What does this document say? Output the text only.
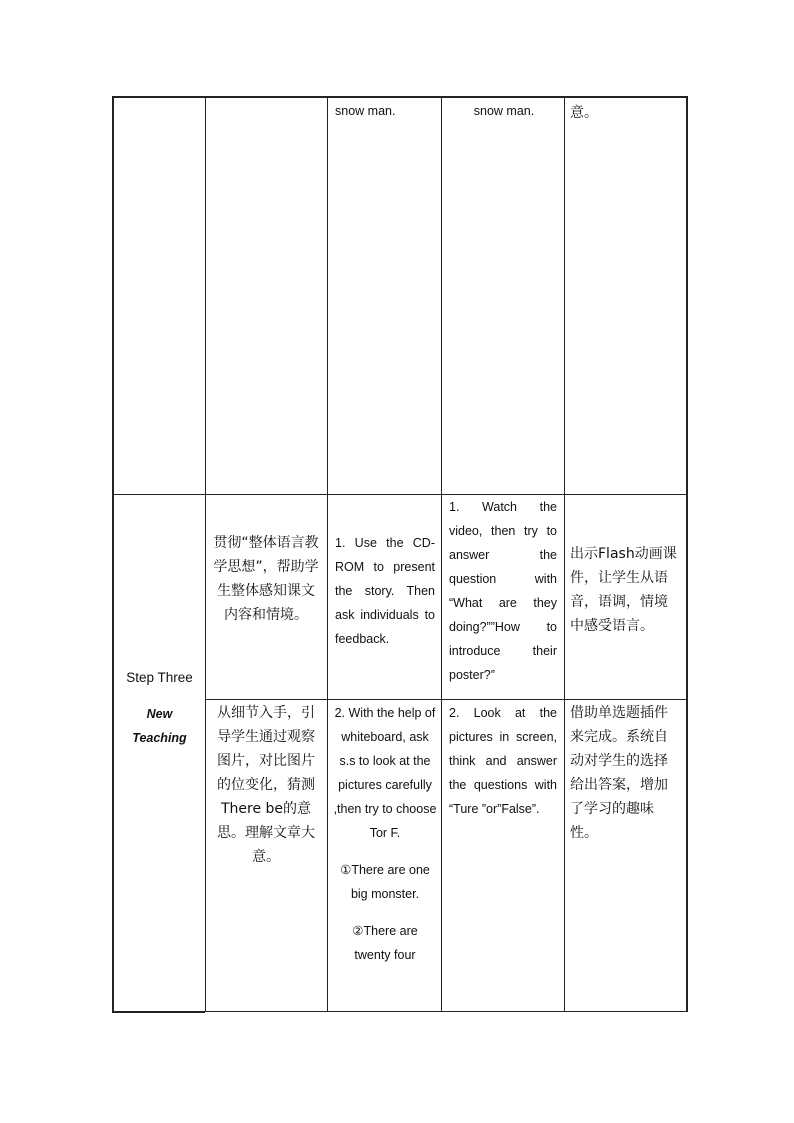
snow man.	snow man.	意。

Step Three

New

Teaching

贯彻“整体语言教学思想”，帮助学生整体感知课文内容和情境。
1. Use the CD-ROM to present the story. Then ask individuals to feedback.

1. Watch the

video, then try to

answer the

question with

“What are they

doing?””How to

introduce their

poster?”

出示Flash动画课件，让学生从语音，语调，情境中感受语言。
从细节入手，引导学生通过观察图片，对比图片的位变化，猜测There be的意思。理解文章大意。

2. With the help of whiteboard, ask s.s to look at the pictures carefully ,then try to choose Tor F.

①There are one big monster.

②There are twenty four

2. Look at the pictures in screen, think and answer the questions with “Ture ”or”False”.
借助单选题插件来完成。系统自动对学生的选择给出答案，增加了学习的趣味性。
